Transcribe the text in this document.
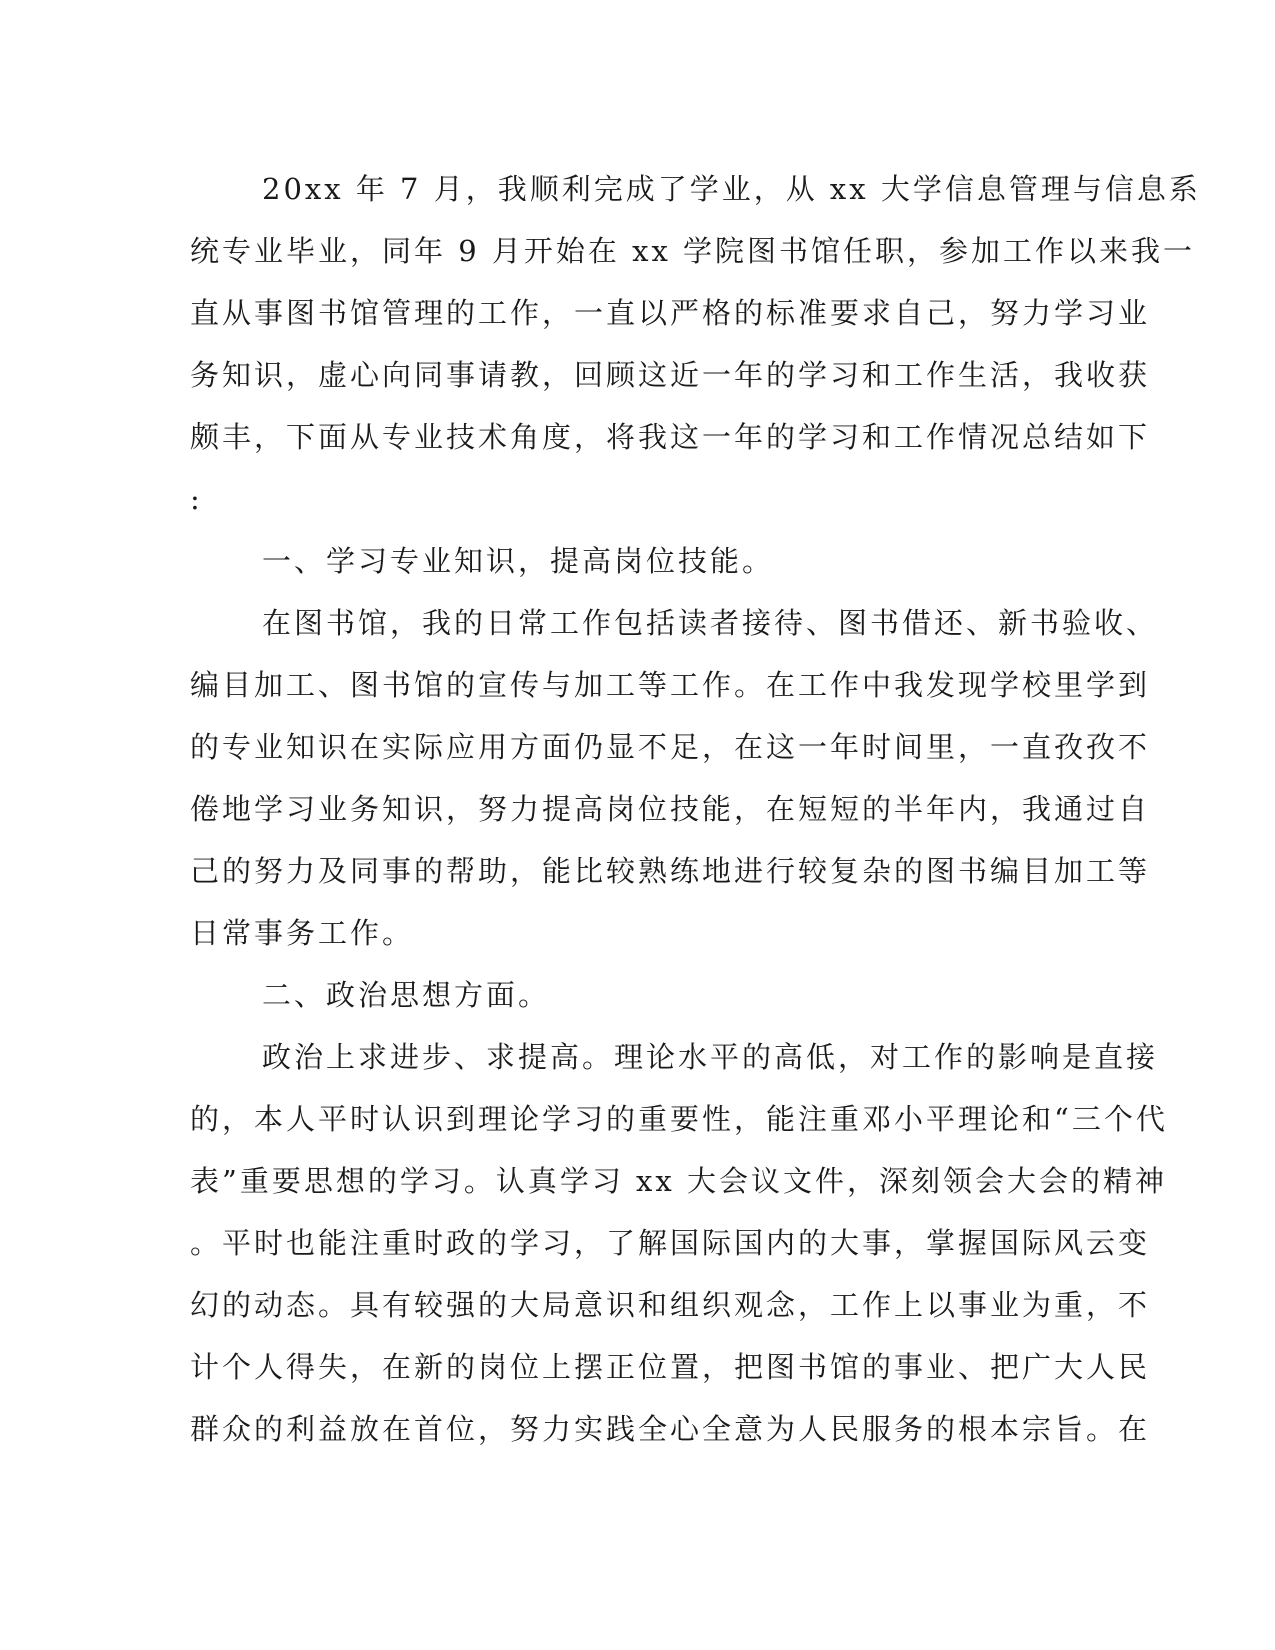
20xx 年 7 月，我顺利完成了学业，从 xx 大学信息管理与信息系
统专业毕业，同年 9 月开始在 xx 学院图书馆任职，参加工作以来我一
直从事图书馆管理的工作，一直以严格的标准要求自己，努力学习业
务知识，虚心向同事请教，回顾这近一年的学习和工作生活，我收获
颇丰，下面从专业技术角度，将我这一年的学习和工作情况总结如下
:
一、学习专业知识，提高岗位技能。
在图书馆，我的日常工作包括读者接待、图书借还、新书验收、
编目加工、图书馆的宣传与加工等工作。在工作中我发现学校里学到
的专业知识在实际应用方面仍显不足，在这一年时间里，一直孜孜不
倦地学习业务知识，努力提高岗位技能，在短短的半年内，我通过自
己的努力及同事的帮助，能比较熟练地进行较复杂的图书编目加工等
日常事务工作。
二、政治思想方面。
政治上求进步、求提高。理论水平的高低，对工作的影响是直接
的，本人平时认识到理论学习的重要性，能注重邓小平理论和“三个代
表”重要思想的学习。认真学习 xx 大会议文件，深刻领会大会的精神
。平时也能注重时政的学习，了解国际国内的大事，掌握国际风云变
幻的动态。具有较强的大局意识和组织观念，工作上以事业为重，不
计个人得失，在新的岗位上摆正位置，把图书馆的事业、把广大人民
群众的利益放在首位，努力实践全心全意为人民服务的根本宗旨。在
